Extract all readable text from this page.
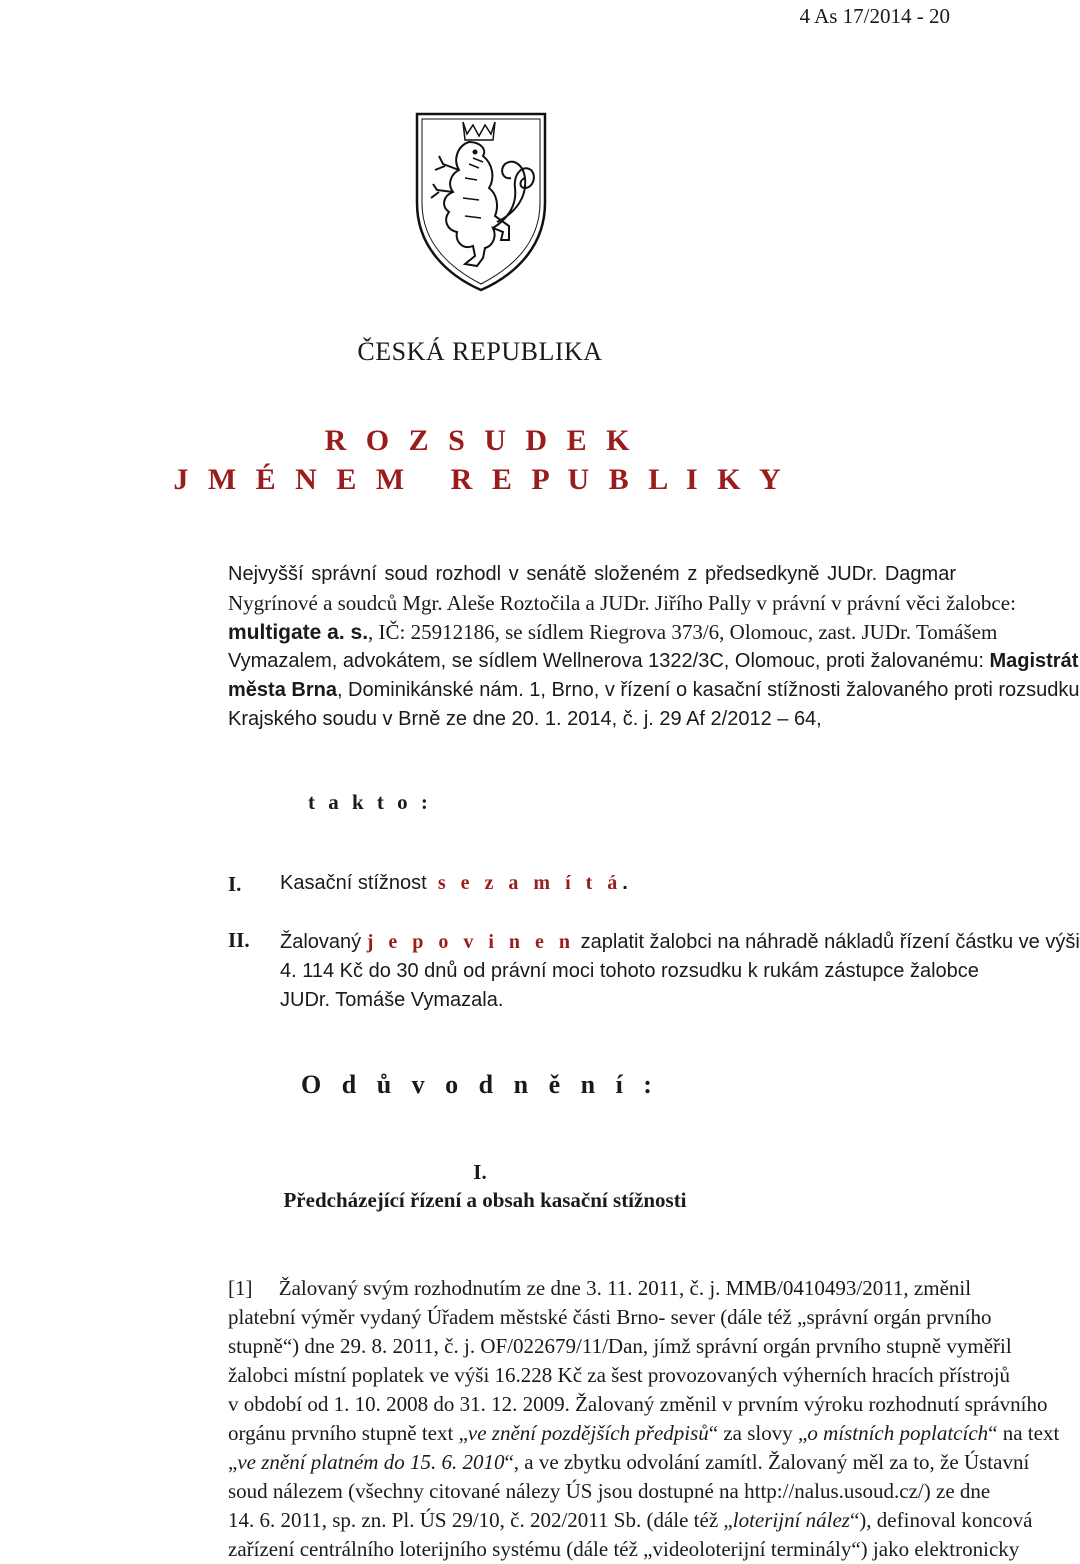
4 As 17/2014 - 20
ČESKÁ REPUBLIKA
R O Z S U D E K
J M É N E M   R E P U B L I K Y
Nejvyšší správní soud rozhodl v senátě složeném z předsedkyně JUDr. Dagmar
Nygrínové a soudců Mgr. Aleše Roztočila a JUDr. Jiřího Pally v právní v právní věci žalobce:
multigate a. s., IČ: 25912186, se sídlem Riegrova 373/6, Olomouc, zast. JUDr. Tomášem
Vymazalem, advokátem, se sídlem Wellnerova 1322/3C, Olomouc, proti žalovanému: Magistrát
města Brna, Dominikánské nám. 1, Brno, v řízení o kasační stížnosti žalovaného proti rozsudku
Krajského soudu v Brně ze dne 20. 1. 2014, č. j. 29 Af 2/2012 – 64,
t a k t o :
I. Kasační stížnost s e z a m í t á.
II. Žalovaný j e p o v i n e n zaplatit žalobci na náhradě nákladů řízení částku ve výši
4. 114 Kč do 30 dnů od právní moci tohoto rozsudku k rukám zástupce žalobce
JUDr. Tomáše Vymazala.
O d ů v o d n ě n í :
I.
Předcházející řízení a obsah kasační stížnosti
[1]     Žalovaný svým rozhodnutím ze dne 3. 11. 2011, č. j. MMB/0410493/2011, změnil
platební výměr vydaný Úřadem městské části Brno- sever (dále též „správní orgán prvního
stupně“) dne 29. 8. 2011, č. j. OF/022679/11/Dan, jímž správní orgán prvního stupně vyměřil
žalobci místní poplatek ve výši 16.228 Kč za šest provozovaných výherních hracích přístrojů
v období od 1. 10. 2008 do 31. 12. 2009. Žalovaný změnil v prvním výroku rozhodnutí správního
orgánu prvního stupně text „ve znění pozdějších předpisů“ za slovy „o místních poplatcích“ na text
„ve znění platném do 15. 6. 2010“, a ve zbytku odvolání zamítl. Žalovaný měl za to, že Ústavní
soud nálezem (všechny citované nálezy ÚS jsou dostupné na http://nalus.usoud.cz/) ze dne
14. 6. 2011, sp. zn. Pl. ÚS 29/10, č. 202/2011 Sb. (dále též „loterijní nález“), definoval koncová
zařízení centrálního loterijního systému (dále též „videoloterijní terminály“) jako elektronicky
